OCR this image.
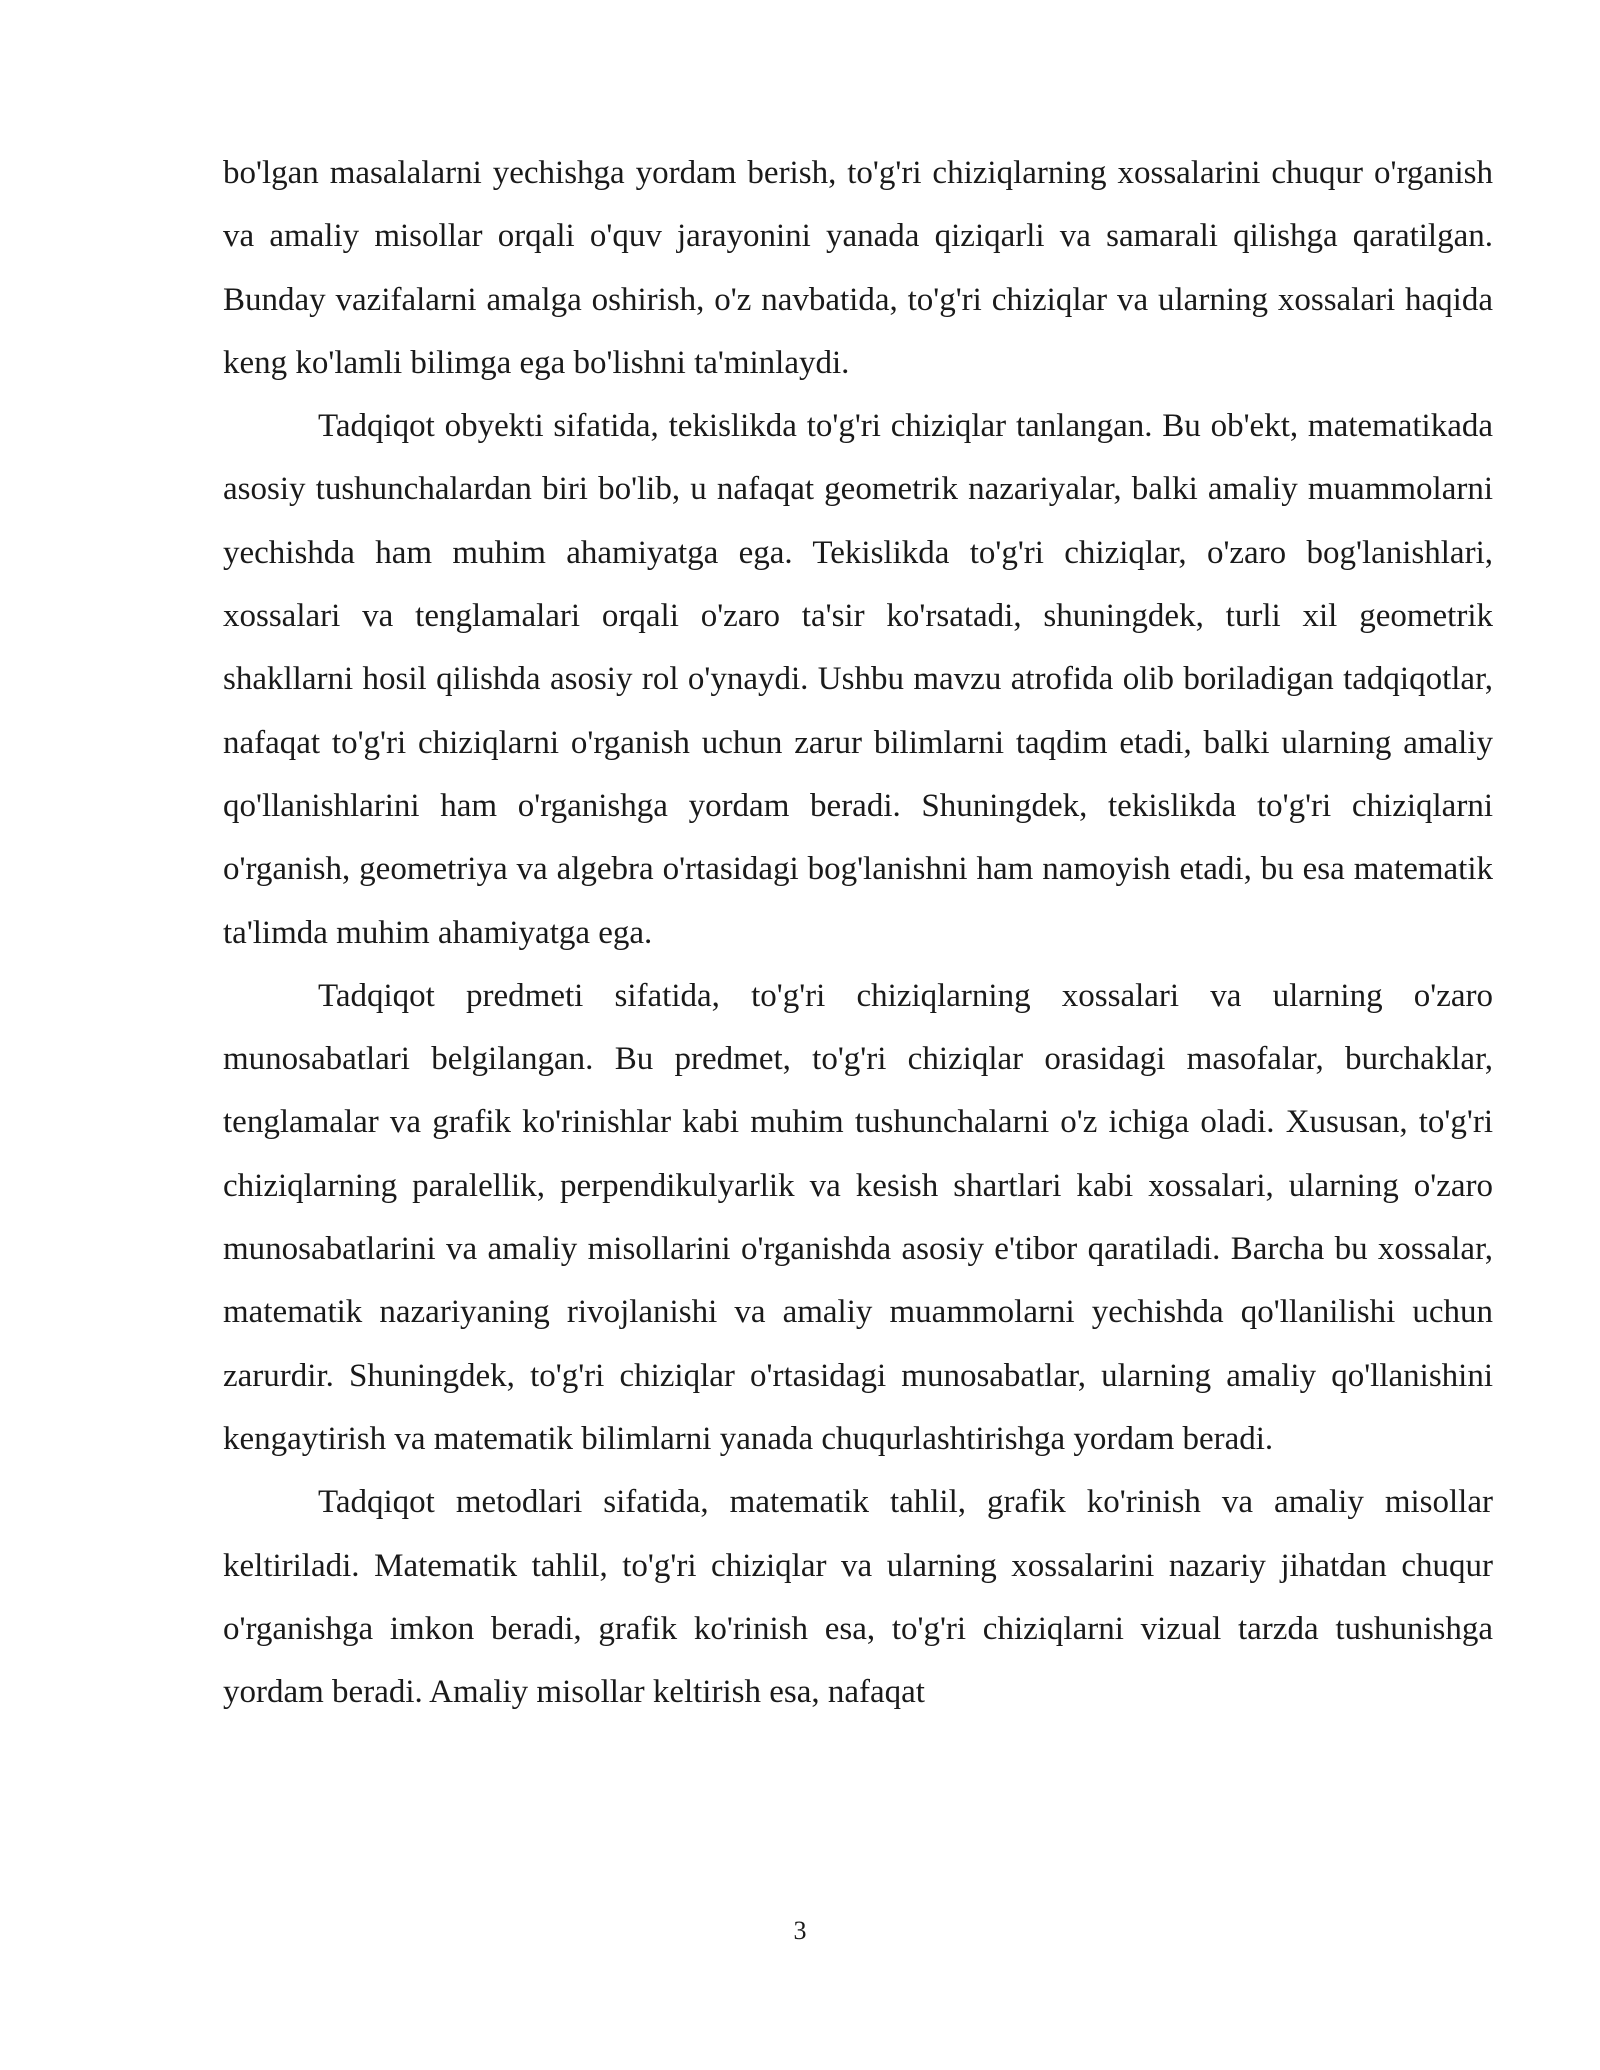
bo'lgan masalalarni yechishga yordam berish, to'g'ri chiziqlarning xossalarini chuqur o'rganish va amaliy misollar orqali o'quv jarayonini yanada qiziqarli va samarali qilishga qaratilgan. Bunday vazifalarni amalga oshirish, o'z navbatida, to'g'ri chiziqlar va ularning xossalari haqida keng ko'lamli bilimga ega bo'lishni ta'minlaydi.

Tadqiqot obyekti sifatida, tekislikda to'g'ri chiziqlar tanlangan. Bu ob'ekt, matematikada asosiy tushunchalardan biri bo'lib, u nafaqat geometrik nazariyalar, balki amaliy muammolarni yechishda ham muhim ahamiyatga ega. Tekislikda to'g'ri chiziqlar, o'zaro bog'lanishlari, xossalari va tenglamalari orqali o'zaro ta'sir ko'rsatadi, shuningdek, turli xil geometrik shakllarni hosil qilishda asosiy rol o'ynaydi. Ushbu mavzu atrofida olib boriladigan tadqiqotlar, nafaqat to'g'ri chiziqlarni o'rganish uchun zarur bilimlarni taqdim etadi, balki ularning amaliy qo'llanishlarini ham o'rganishga yordam beradi. Shuningdek, tekislikda to'g'ri chiziqlarni o'rganish, geometriya va algebra o'rtasidagi bog'lanishni ham namoyish etadi, bu esa matematik ta'limda muhim ahamiyatga ega.

Tadqiqot predmeti sifatida, to'g'ri chiziqlarning xossalari va ularning o'zaro munosabatlari belgilangan. Bu predmet, to'g'ri chiziqlar orasidagi masofalar, burchaklar, tenglamalar va grafik ko'rinishlar kabi muhim tushunchalarni o'z ichiga oladi. Xususan, to'g'ri chiziqlarning paralellik, perpendikulyarlik va kesish shartlari kabi xossalari, ularning o'zaro munosabatlarini va amaliy misollarini o'rganishda asosiy e'tibor qaratiladi. Barcha bu xossalar, matematik nazariyaning rivojlanishi va amaliy muammolarni yechishda qo'llanilishi uchun zarurdir. Shuningdek, to'g'ri chiziqlar o'rtasidagi munosabatlar, ularning amaliy qo'llanishini kengaytirish va matematik bilimlarni yanada chuqurlashtirishga yordam beradi.

Tadqiqot metodlari sifatida, matematik tahlil, grafik ko'rinish va amaliy misollar keltiriladi. Matematik tahlil, to'g'ri chiziqlar va ularning xossalarini nazariy jihatdan chuqur o'rganishga imkon beradi, grafik ko'rinish esa, to'g'ri chiziqlarni vizual tarzda tushunishga yordam beradi. Amaliy misollar keltirish esa, nafaqat

3
